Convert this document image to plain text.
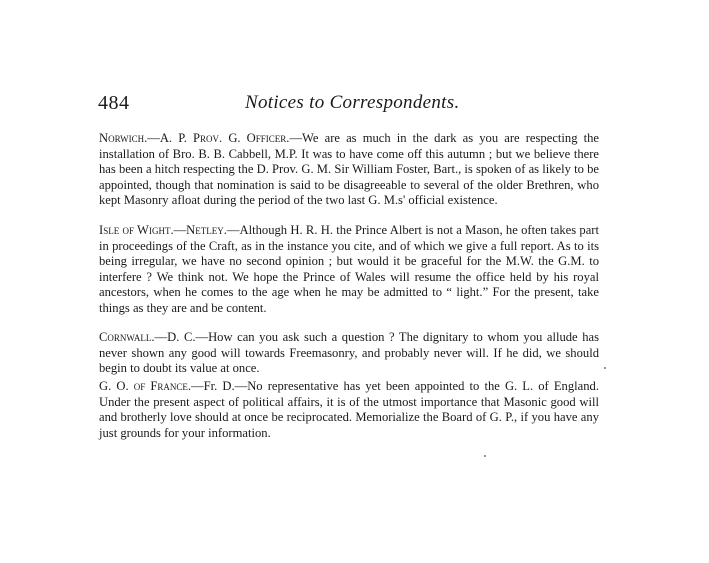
484	Notices to Correspondents.

Norwich.—A. P. Prov. G. Officer.—We are as much in the dark as you are respecting the installation of Bro. B. B. Cabbell, M.P. It was to have come off this autumn ; but we believe there has been a hitch respecting the D. Prov. G. M. Sir William Foster, Bart., is spoken of as likely to be appointed, though that nomination is said to be disagreeable to several of the older Brethren, who kept Masonry afloat during the period of the two last G. M.s' official existence.

Isle of Wight.—Netley.—Although H. R. H. the Prince Albert is not a Mason, he often takes part in proceedings of the Craft, as in the instance you cite, and of which we give a full report. As to its being irregular, we have no second opinion ; but would it be graceful for the M.W. the G.M. to interfere ? We think not. We hope the Prince of Wales will resume the office held by his royal ancestors, when he comes to the age when he may be admitted to “ light.” For the present, take things as they are and be content.

Cornwall.—D. C.—How can you ask such a question ? The dignitary to whom you allude has never shown any good will towards Freemasonry, and probably never will. If he did, we should begin to doubt its value at once.

G. O. of France.—Fr. D.—No representative has yet been appointed to the G. L. of England. Under the present aspect of political affairs, it is of the utmost importance that Masonic good will and brotherly love should at once be reciprocated. Memorialize the Board of G. P., if you have any just grounds for your information.
